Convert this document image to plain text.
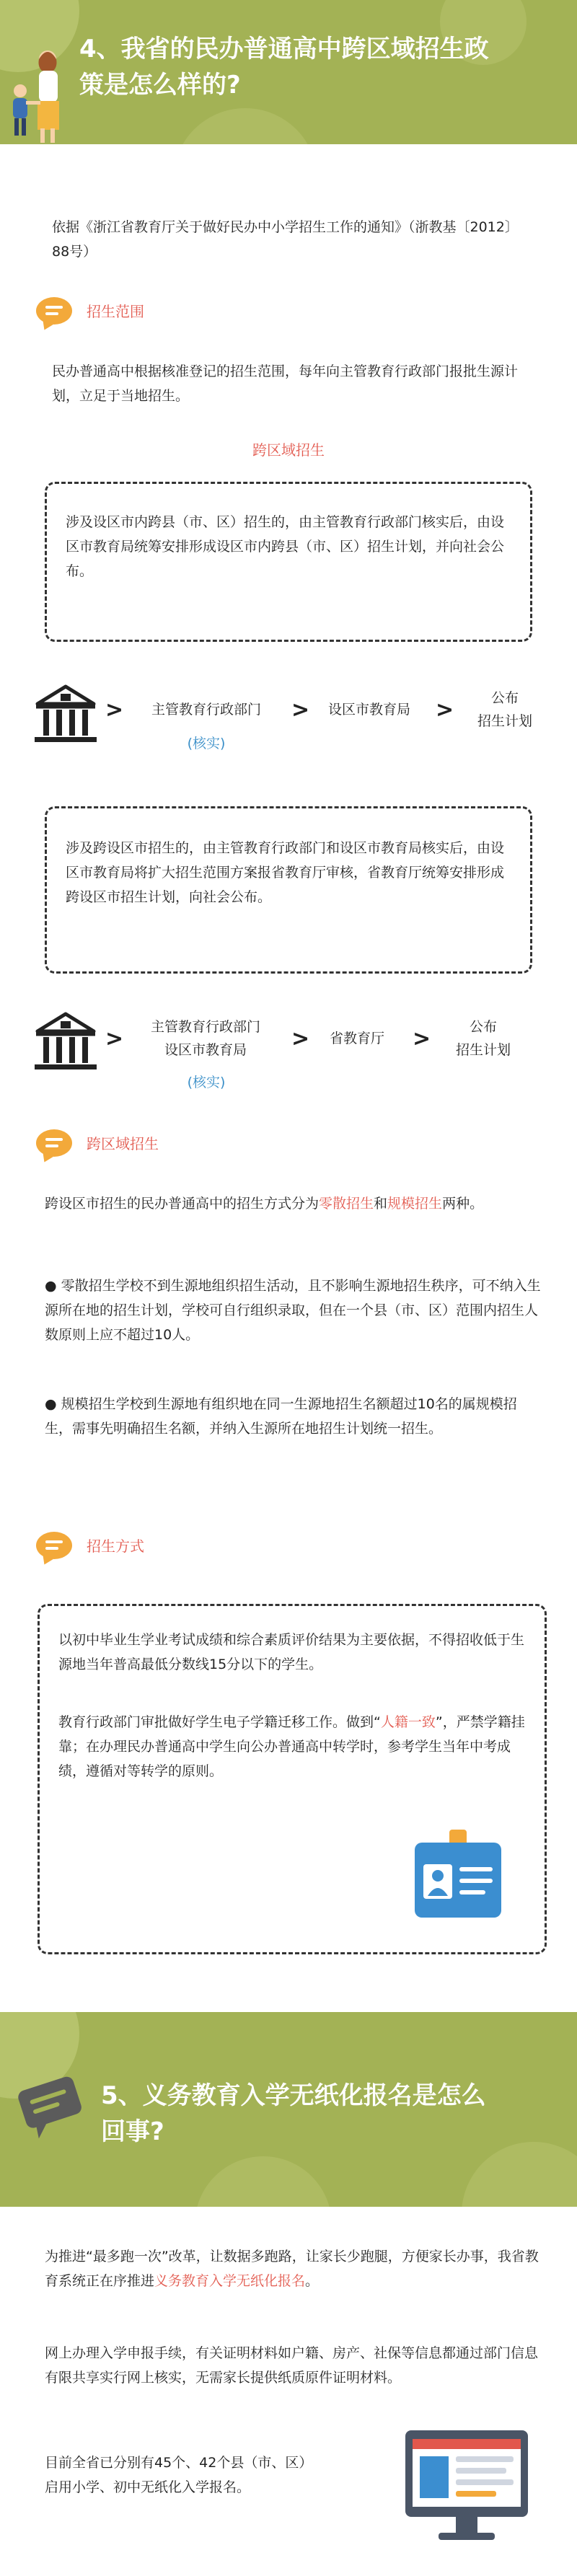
4、我省的民办普通高中跨区域招生政
策是怎么样的?
依据《浙江省教育厅关于做好民办中小学招生工作的通知》（浙教基〔2012〕88号）
招生范围
民办普通高中根据核准登记的招生范围，每年向主管教育行政部门报批生源计划，立足于当地招生。
跨区域招生
涉及设区市内跨县（市、区）招生的，由主管教育行政部门核实后，由设区市教育局统筹安排形成设区市内跨县（市、区）招生计划，并向社会公布。
>	主管教育行政部门
(核实)
>	设区市教育局	>	公布
招生计划
涉及跨设区市招生的，由主管教育行政部门和设区市教育局核实后，由设区市教育局将扩大招生范围方案报省教育厅审核，省教育厅统筹安排形成跨设区市招生计划，向社会公布。
>	主管教育行政部门
设区市教育局
(核实)
>	省教育厅	>	公布
招生计划
跨区域招生
跨设区市招生的民办普通高中的招生方式分为零散招生和规模招生两种。
● 零散招生学校不到生源地组织招生活动，且不影响生源地招生秩序，可不纳入生源所在地的招生计划，学校可自行组织录取，但在一个县（市、区）范围内招生人数原则上应不超过10人。
● 规模招生学校到生源地有组织地在同一生源地招生名额超过10名的属规模招生，需事先明确招生名额，并纳入生源所在地招生计划统一招生。
招生方式
以初中毕业生学业考试成绩和综合素质评价结果为主要依据，不得招收低于生源地当年普高最低分数线15分以下的学生。
教育行政部门审批做好学生电子学籍迁移工作。做到“人籍一致”，严禁学籍挂靠；在办理民办普通高中学生向公办普通高中转学时，参考学生当年中考成绩，遵循对等转学的原则。
5、义务教育入学无纸化报名是怎么
回事?
为推进“最多跑一次”改革，让数据多跑路，让家长少跑腿，方便家长办事，我省教育系统正在序推进义务教育入学无纸化报名。
网上办理入学申报手续，有关证明材料如户籍、房产、社保等信息都通过部门信息有限共享实行网上核实，无需家长提供纸质原件证明材料。
目前全省已分别有45个、42个县（市、区）启用小学、初中无纸化入学报名。
